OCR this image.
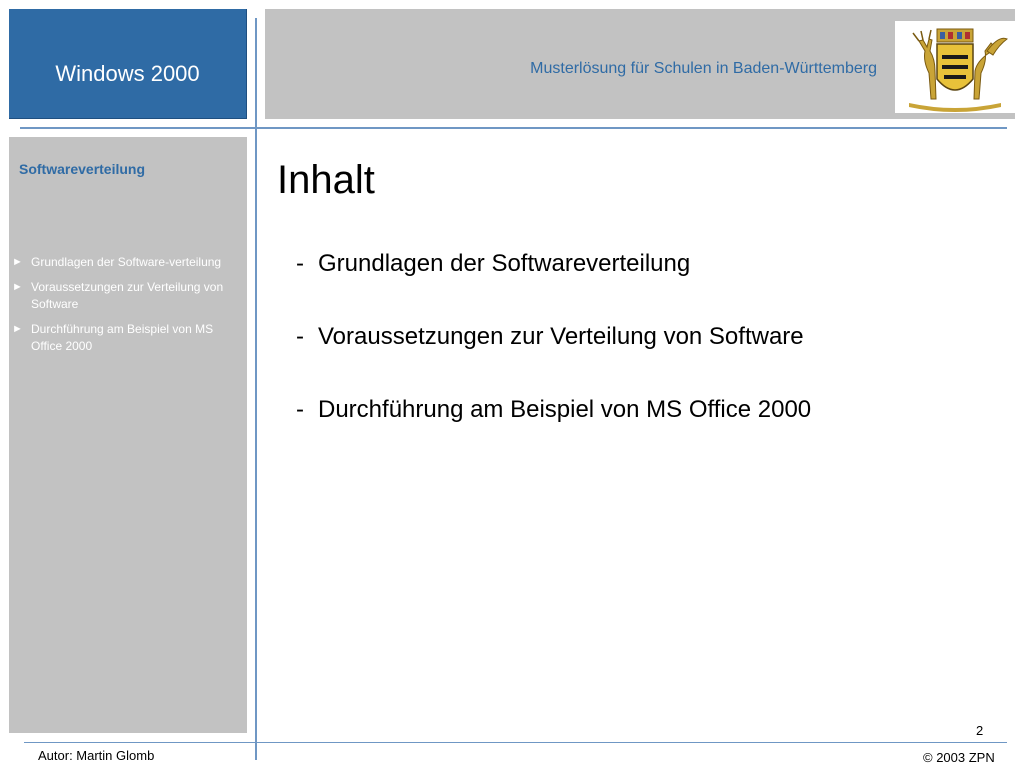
Windows 2000	Musterlösung für Schulen in Baden-Württemberg
Softwareverteilung
► Grundlagen der Software-verteilung
► Voraussetzungen zur Verteilung von Software
► Durchführung am Beispiel von MS Office 2000
Inhalt
- Grundlagen der Softwareverteilung
- Voraussetzungen zur Verteilung von Software
- Durchführung am Beispiel von MS Office 2000
2
Autor: Martin Glomb	© 2003 ZPN
